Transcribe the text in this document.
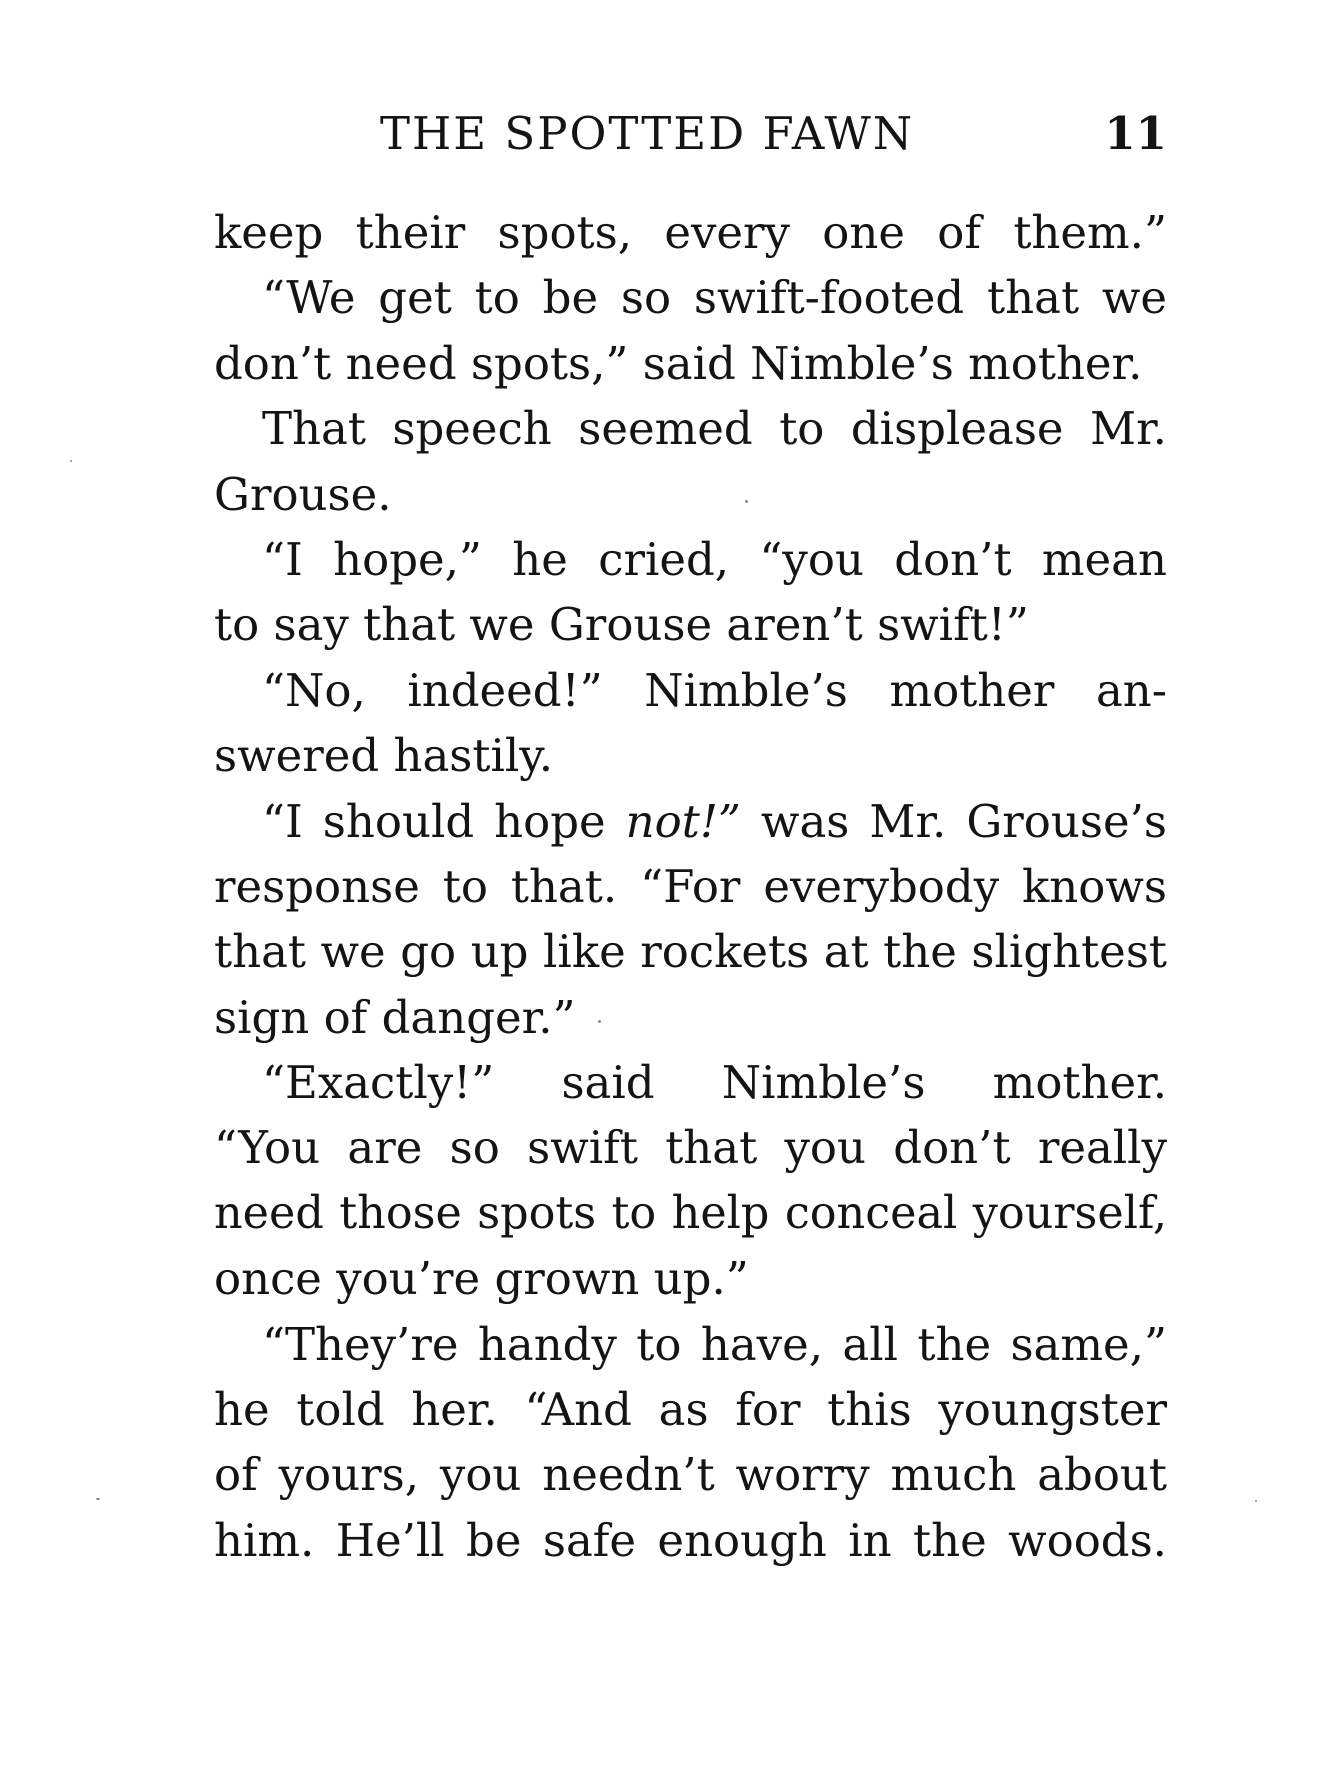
THE SPOTTED FAWN	11
keep their spots, every one of them.”
“We get to be so swift-footed that we
don’t need spots,” said Nimble’s mother.
That speech seemed to displease Mr.
Grouse.
“I hope,” he cried, “you don’t mean
to say that we Grouse aren’t swift!”
“No, indeed!” Nimble’s mother an-
swered hastily.
“I should hope not!” was Mr. Grouse’s
response to that. “For everybody knows
that we go up like rockets at the slightest
sign of danger.”
“Exactly!” said Nimble’s mother.
“You are so swift that you don’t really
need those spots to help conceal yourself,
once you’re grown up.”
“They’re handy to have, all the same,”
he told her. “And as for this youngster
of yours, you needn’t worry much about
him. He’ll be safe enough in the woods.
